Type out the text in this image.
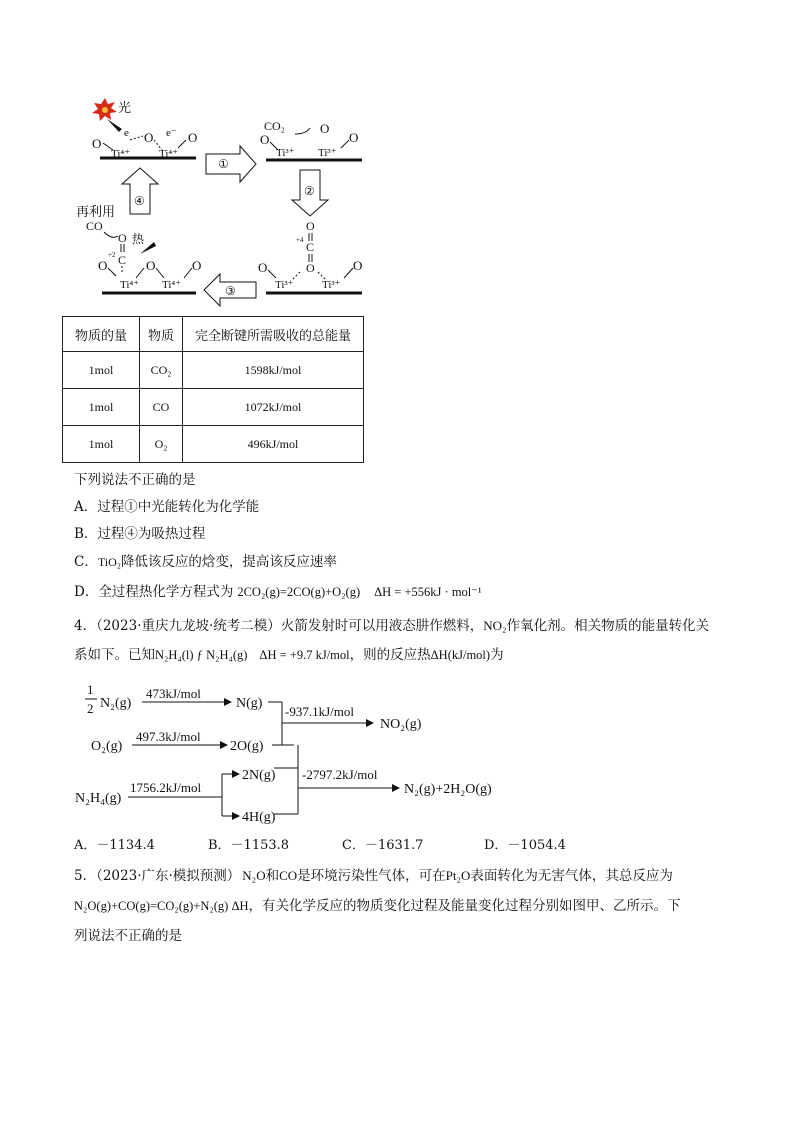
光
O
e
Ti⁴⁺
O e⁻
Ti⁴⁺
O
①
CO₂	O
O
Ti³⁺ Ti³⁺
O
②
O
+4 C
O
O
Ti³⁺	Ti³⁺
O
③
再利用
CO
O 热
+2 C
O
Ti⁴⁺
O
Ti⁴⁺
O
④
物质的量	物质	完全断键所需吸收的总能量
1mol	CO₂	1598kJ/mol
1mol	CO	1072kJ/mol
1mol	O₂	496kJ/mol
下列说法不正确的是
A．过程①中光能转化为化学能
B．过程④为吸热过程
C．TiO₂降低该反应的焓变，提高该反应速率
D．全过程热化学方程式为 2CO₂(g)=2CO(g)+O₂(g) ΔH = +556kJ · mol⁻¹
4．（2023·重庆九龙坡·统考二模）火箭发射时可以用液态肼作燃料，NO₂作氧化剂。相关物质的能量转化关
系如下。已知N₂H₄(l) ƒ N₂H₄(g) ΔH = +9.7 kJ/mol，则的反应热ΔH(kJ/mol)为
1
2 N₂(g)
473kJ/mol
N(g)
-937.1kJ/mol
NO₂(g)
O₂(g)
497.3kJ/mol
2O(g)
-2797.2kJ/mol
N₂(g)+2H₂O(g)
N₂H₄(g)
1756.2kJ/mol
2N(g)
4H(g)
A．－1134.4	B．－1153.8	C．－1631.7	D．－1054.4
5．（2023·广东·模拟预测） N₂O和CO是环境污染性气体，可在Pt₂O表面转化为无害气体，其总反应为
N₂O(g)+CO(g)=CO₂(g)+N₂(g) ΔH，有关化学反应的物质变化过程及能量变化过程分别如图甲、乙所示。下
列说法不正确的是
